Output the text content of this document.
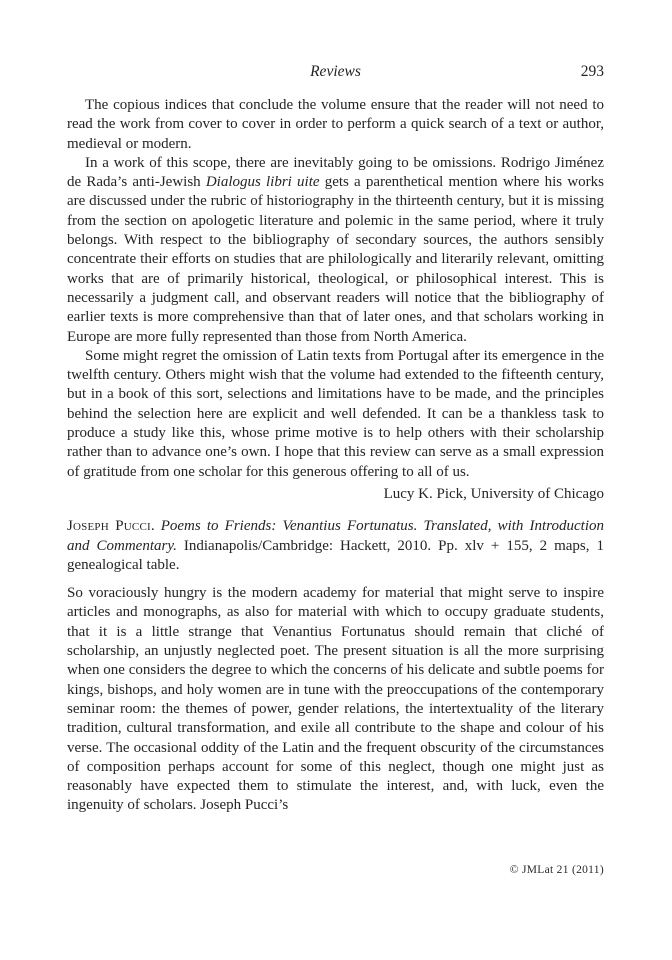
Reviews	293

The copious indices that conclude the volume ensure that the reader will not need to read the work from cover to cover in order to perform a quick search of a text or author, medieval or modern.

In a work of this scope, there are inevitably going to be omissions. Rodrigo Jiménez de Rada’s anti-Jewish Dialogus libri uite gets a parenthetical mention where his works are discussed under the rubric of historiography in the thirteenth century, but it is missing from the section on apologetic literature and polemic in the same period, where it truly belongs. With respect to the bibliography of secondary sources, the authors sensibly concentrate their efforts on studies that are philologically and literarily relevant, omitting works that are of primarily historical, theological, or philosophical interest. This is necessarily a judgment call, and observant readers will notice that the bibliography of earlier texts is more comprehensive than that of later ones, and that scholars working in Europe are more fully represented than those from North America.

Some might regret the omission of Latin texts from Portugal after its emergence in the twelfth century. Others might wish that the volume had extended to the fifteenth century, but in a book of this sort, selections and limitations have to be made, and the principles behind the selection here are explicit and well defended. It can be a thankless task to produce a study like this, whose prime motive is to help others with their scholarship rather than to advance one’s own. I hope that this review can serve as a small expression of gratitude from one scholar for this generous offering to all of us.

Lucy K. Pick, University of Chicago

Joseph Pucci. Poems to Friends: Venantius Fortunatus. Translated, with Introduction and Commentary. Indianapolis/Cambridge: Hackett, 2010. Pp. xlv + 155, 2 maps, 1 genealogical table.

So voraciously hungry is the modern academy for material that might serve to inspire articles and monographs, as also for material with which to occupy graduate students, that it is a little strange that Venantius Fortunatus should remain that cliché of scholarship, an unjustly neglected poet. The present situation is all the more surprising when one considers the degree to which the concerns of his delicate and subtle poems for kings, bishops, and holy women are in tune with the preoccupations of the contemporary seminar room: the themes of power, gender relations, the intertextuality of the literary tradition, cultural transformation, and exile all contribute to the shape and colour of his verse. The occasional oddity of the Latin and the frequent obscurity of the circumstances of composition perhaps account for some of this neglect, though one might just as reasonably have expected them to stimulate the interest, and, with luck, even the ingenuity of scholars. Joseph Pucci’s

© JMLat 21 (2011)
